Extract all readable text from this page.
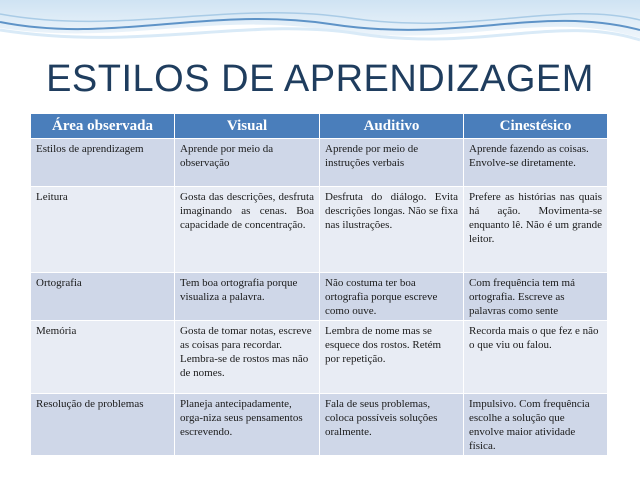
ESTILOS DE APRENDIZAGEM
Área observada	Visual	Auditivo	Cinestésico
Estilos de aprendizagem	Aprende por meio da observação	Aprende por meio de instruções verbais	Aprende fazendo as coisas. Envolve-se diretamente.
Leitura	Gosta das descrições, desfruta imaginando as cenas. Boa capacidade de concentração.	Desfruta do diálogo. Evita descrições longas. Não se fixa nas ilustrações.	Prefere as histórias nas quais há ação. Movimenta-se enquanto lê. Não é um grande leitor.
Ortografia	Tem boa ortografia porque visualiza a palavra.	Não costuma ter boa ortografia porque escreve como ouve.	Com frequência tem má ortografia. Escreve as palavras como sente
Memória	Gosta de tomar notas, escreve as coisas para recordar. Lembra-se de rostos mas não de nomes.	Lembra de nome mas se esquece dos rostos. Retém por repetição.	Recorda mais o que fez e não o que viu ou falou.
Resolução de problemas	Planeja antecipadamente, orga-niza seus pensamentos escrevendo.	Fala de seus problemas, coloca possíveis soluções oralmente.	Impulsivo. Com frequência escolhe a solução que envolve maior atividade física.
